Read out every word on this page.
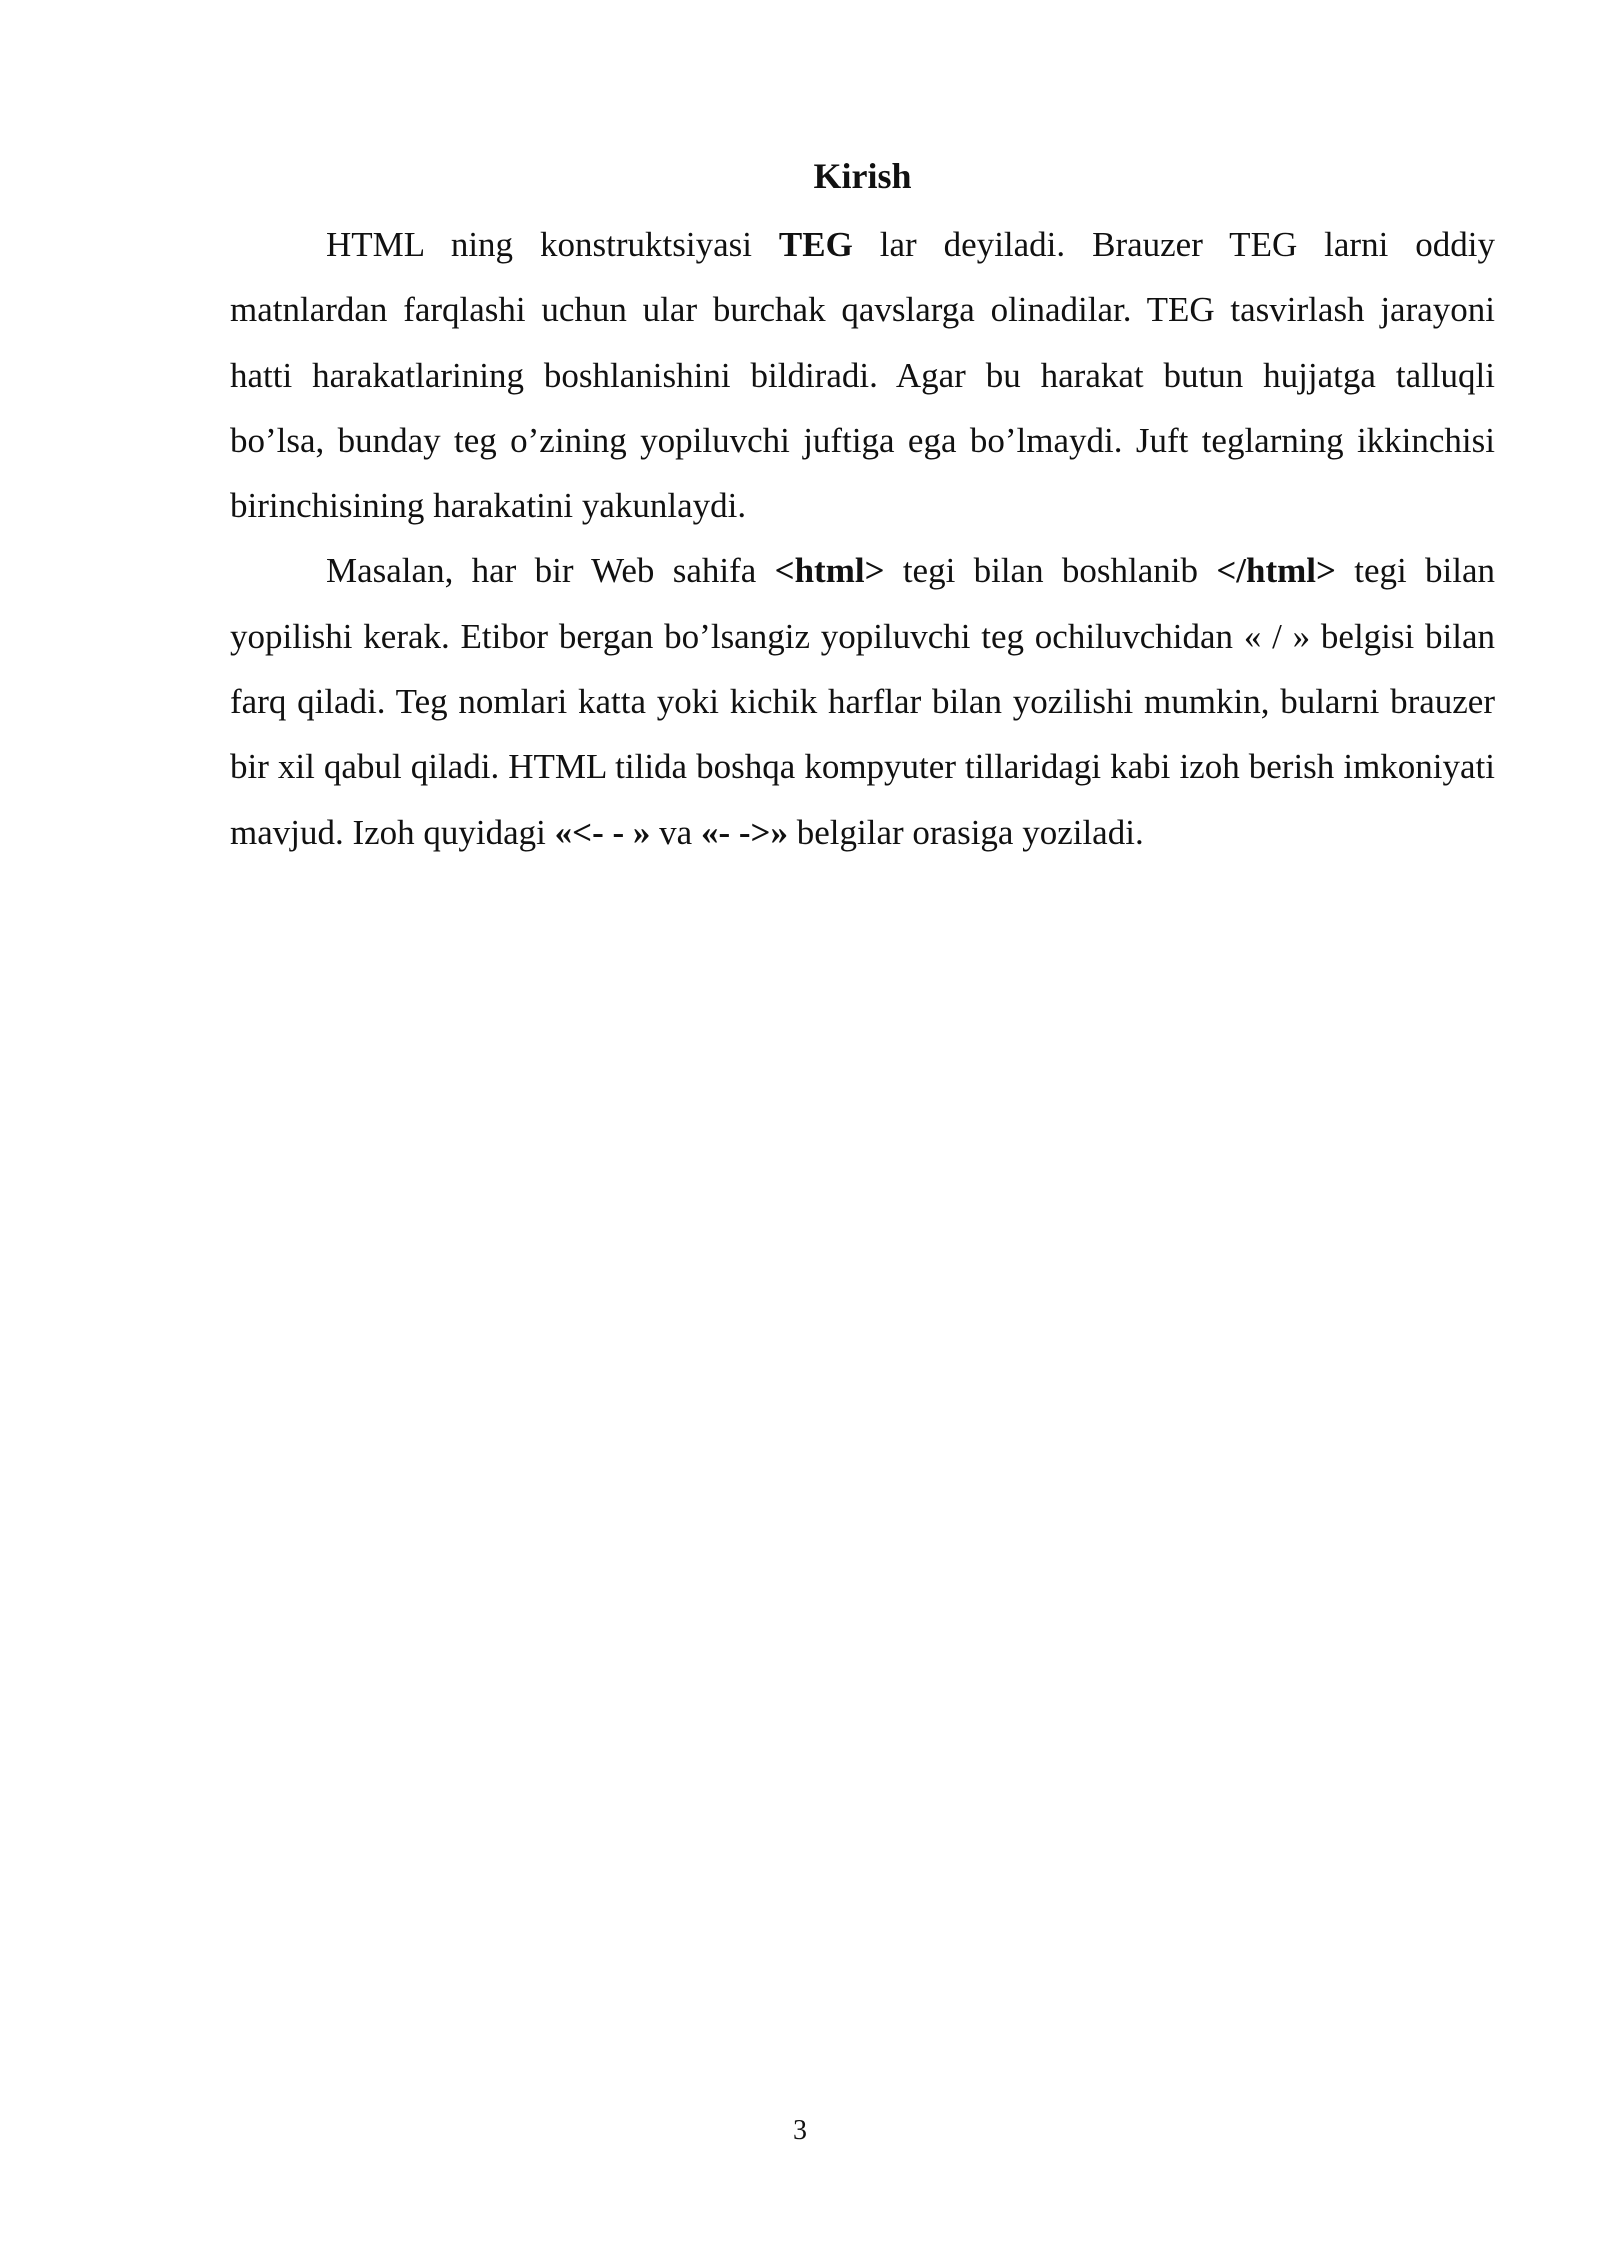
Kirish

HTML ning konstruktsiyasi TEG lar deyiladi. Brauzer TEG larni oddiy matnlardan farqlashi uchun ular burchak qavslarga olinadilar. TEG tasvirlash jarayoni hatti harakatlarining boshlanishini bildiradi. Agar bu harakat butun hujjatga talluqli bo’lsa, bunday teg o’zining yopiluvchi juftiga ega bo’lmaydi. Juft teglarning ikkinchisi birinchisining harakatini yakunlaydi.

Masalan, har bir Web sahifa <html> tegi bilan boshlanib </html> tegi bilan yopilishi kerak. Etibor bergan bo’lsangiz yopiluvchi teg ochiluvchidan « / » belgisi bilan farq qiladi. Teg nomlari katta yoki kichik harflar bilan yozilishi mumkin, bularni brauzer bir xil qabul qiladi. HTML tilida boshqa kompyuter tillaridagi kabi izoh berish imkoniyati mavjud. Izoh quyidagi «<- - » va «- ->» belgilar orasiga yoziladi.

3
